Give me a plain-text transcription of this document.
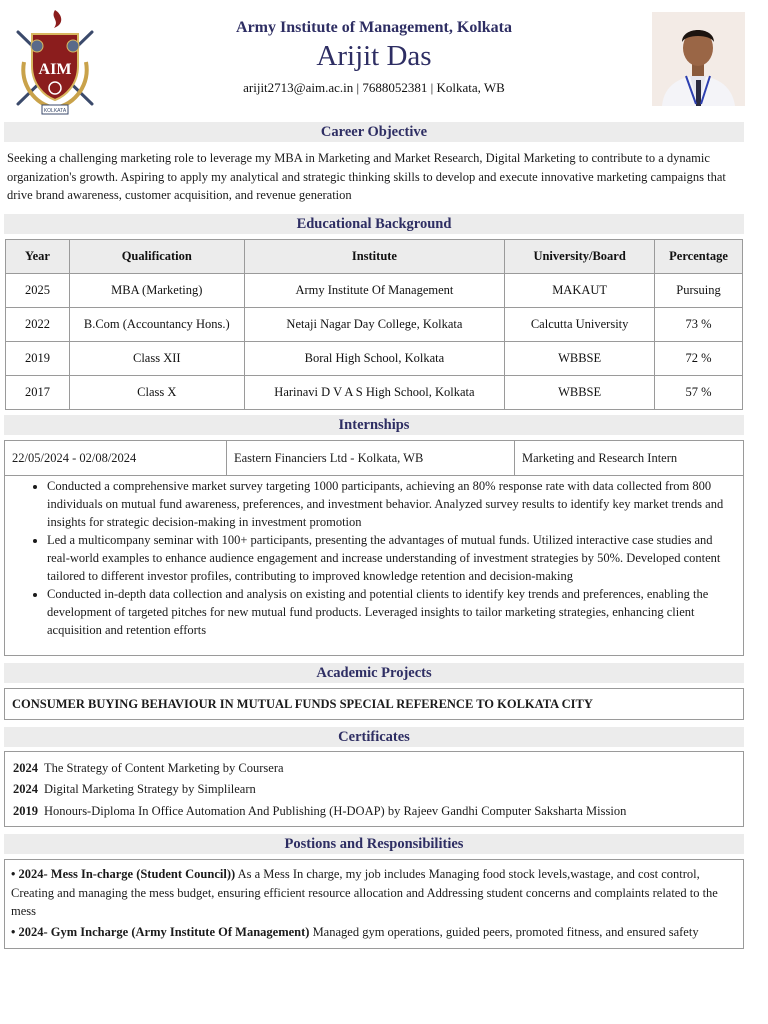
AIM
KOLKATA
Army Institute of Management, Kolkata
Arijit Das
arijit2713@aim.ac.in | 7688052381 | Kolkata, WB
Career Objective
Seeking a challenging marketing role to leverage my MBA in Marketing and Market Research, Digital Marketing to contribute to a dynamic organization's growth. Aspiring to apply my analytical and strategic thinking skills to develop and execute innovative marketing campaigns that drive brand awareness, customer acquisition, and revenue generation
Educational Background
Year	Qualification	Institute	University/Board	Percentage
2025	MBA (Marketing)	Army Institute Of Management	MAKAUT	Pursuing
2022	B.Com (Accountancy Hons.)	Netaji Nagar Day College, Kolkata	Calcutta University	73 %
2019	Class XII	Boral High School, Kolkata	WBBSE	72 %
2017	Class X	Harinavi D V A S High School, Kolkata	WBBSE	57 %
Internships
22/05/2024 - 02/08/2024	Eastern Financiers Ltd - Kolkata, WB	Marketing and Research Intern
• Conducted a comprehensive market survey targeting 1000 participants, achieving an 80% response rate with data collected from 800 individuals on mutual fund awareness, preferences, and investment behavior. Analyzed survey results to identify key market trends and insights for strategic decision-making in investment promotion
• Led a multicompany seminar with 100+ participants, presenting the advantages of mutual funds. Utilized interactive case studies and real-world examples to enhance audience engagement and increase understanding of investment strategies by 50%. Developed content tailored to different investor profiles, contributing to improved knowledge retention and decision-making
• Conducted in-depth data collection and analysis on existing and potential clients to identify key trends and preferences, enabling the development of targeted pitches for new mutual fund products. Leveraged insights to tailor marketing strategies, enhancing client acquisition and retention efforts
Academic Projects
CONSUMER BUYING BEHAVIOUR IN MUTUAL FUNDS SPECIAL REFERENCE TO KOLKATA CITY
Certificates
2024 The Strategy of Content Marketing by Coursera
2024 Digital Marketing Strategy by Simplilearn
2019 Honours-Diploma In Office Automation And Publishing (H-DOAP) by Rajeev Gandhi Computer Saksharta Mission
Postions and Responsibilities

• 2024- Mess In-charge (Student Council)) As a Mess In charge, my job includes Managing food stock levels,wastage, and cost control, Creating and managing the mess budget, ensuring efficient resource allocation and Addressing student concerns and complaints related to the mess

• 2024- Gym Incharge (Army Institute Of Management) Managed gym operations, guided peers, promoted fitness, and ensured safety
